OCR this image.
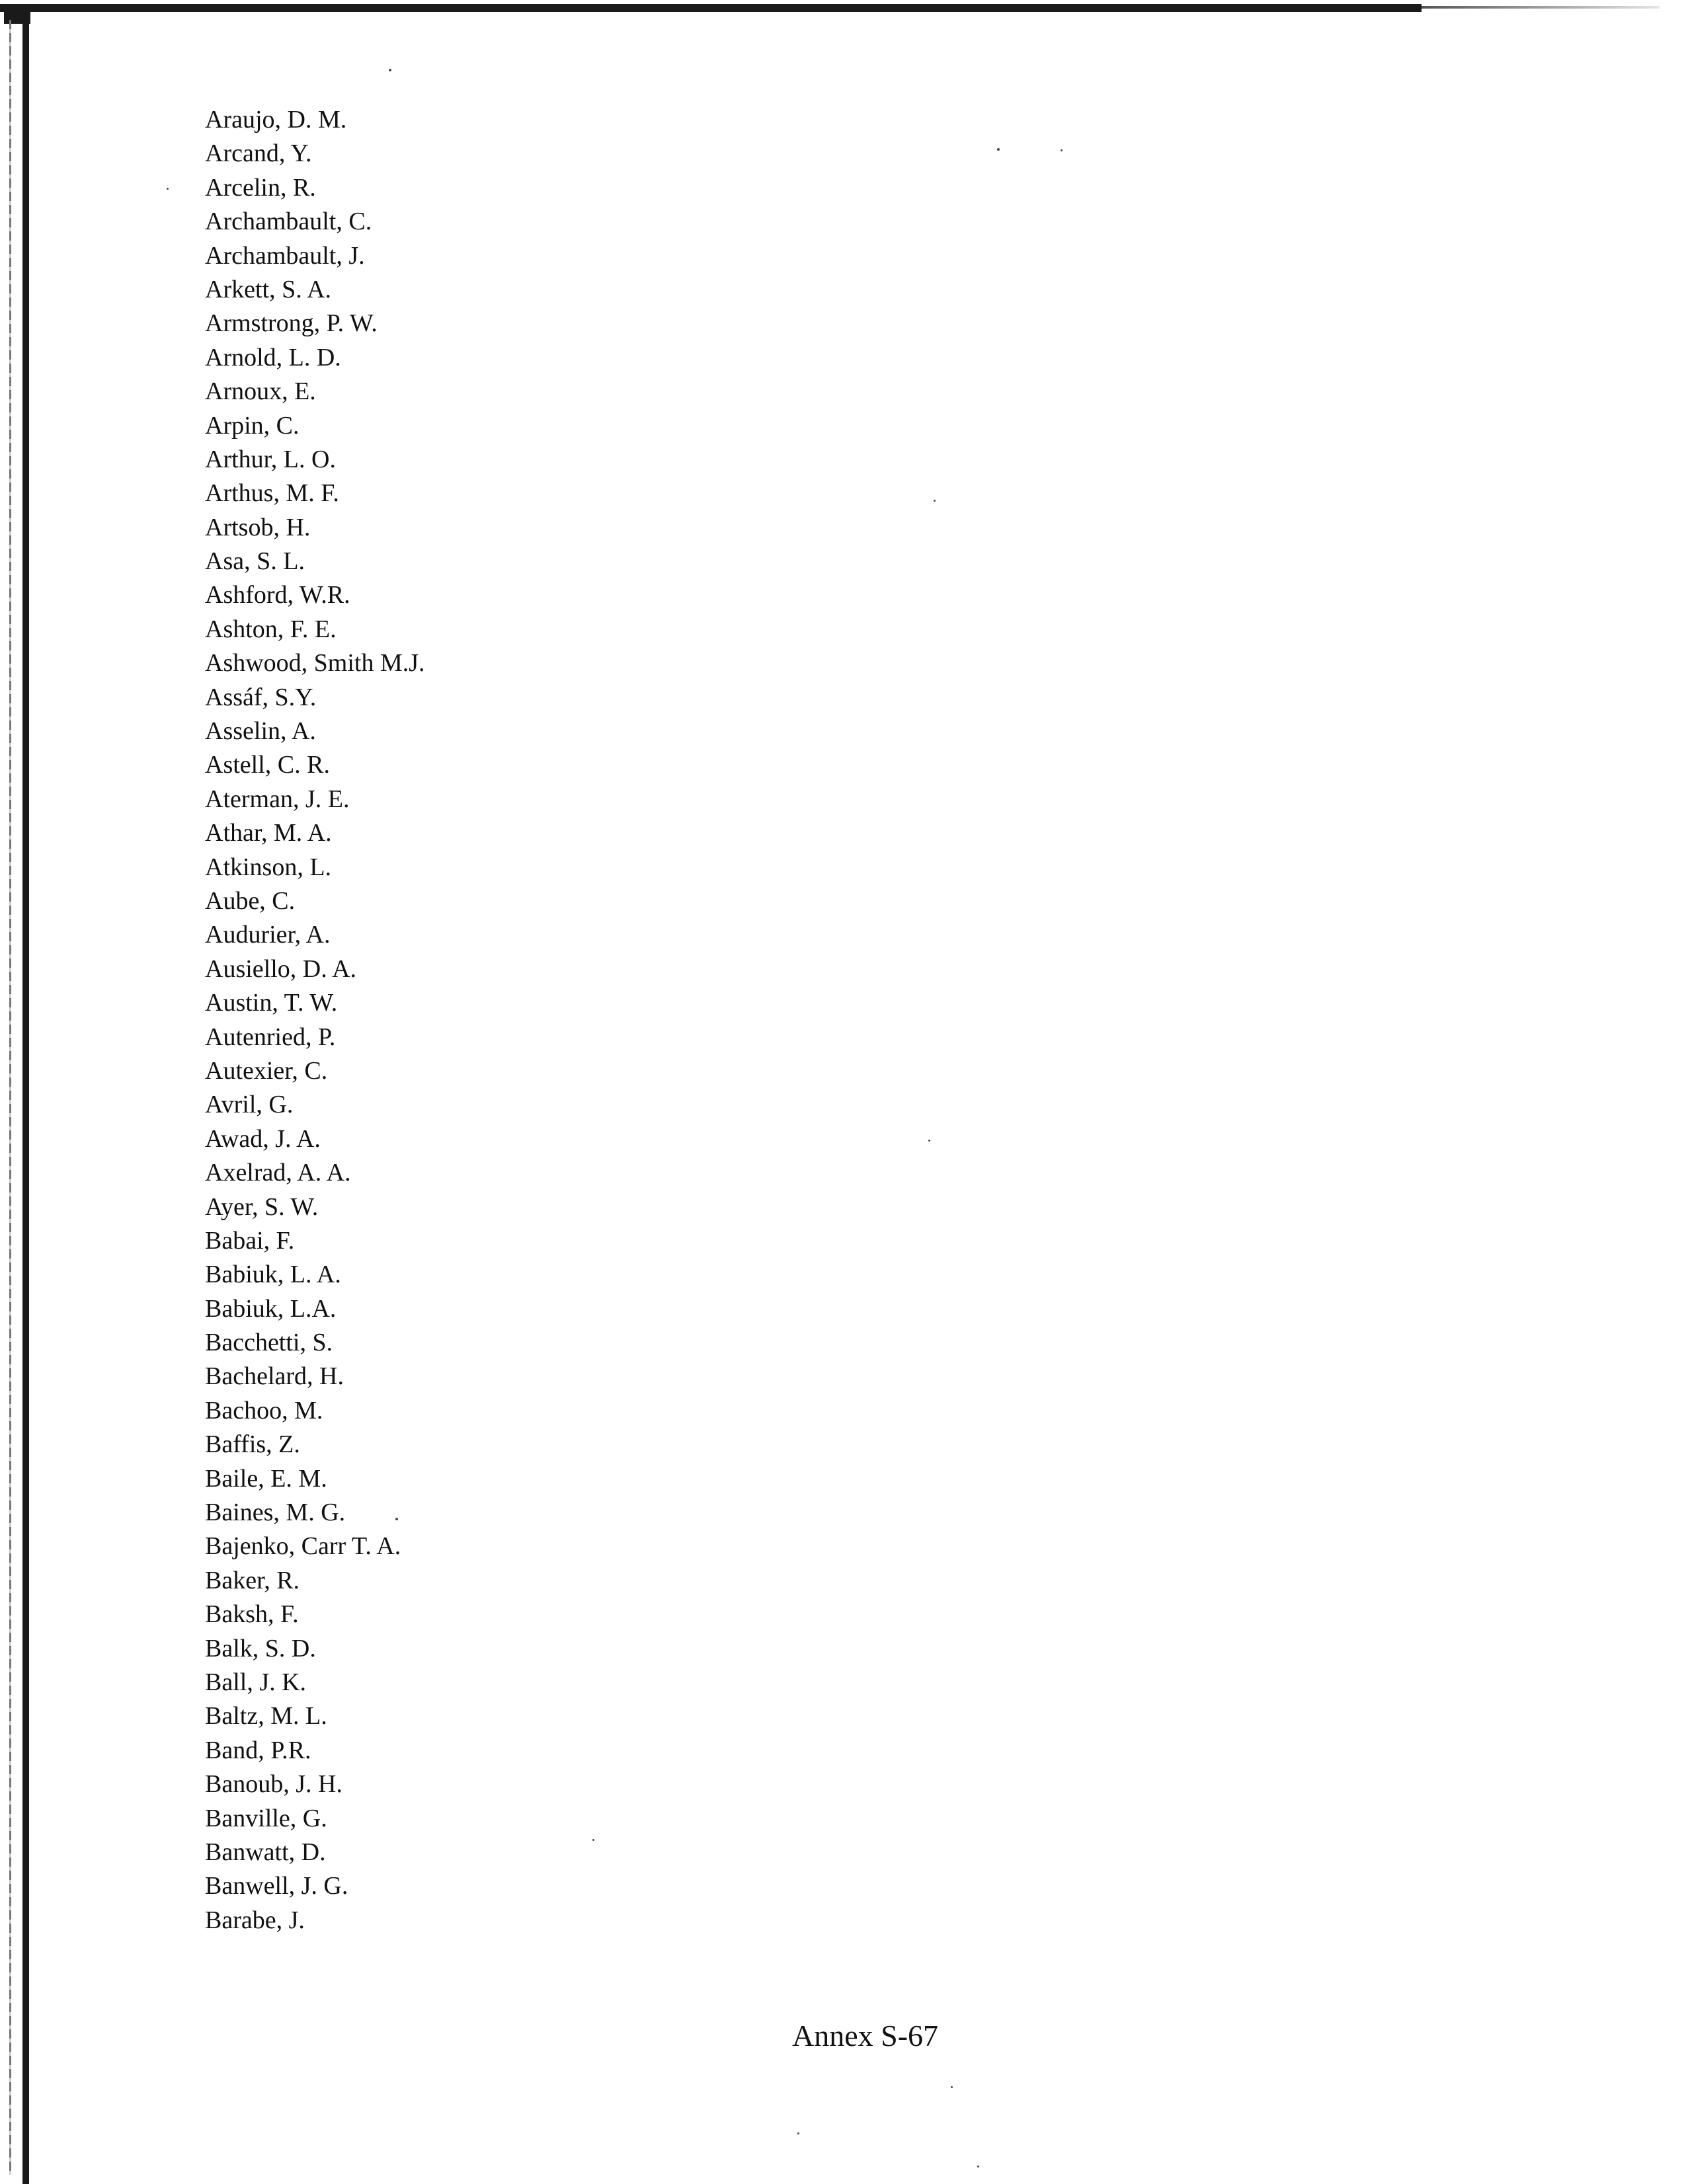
Araujo, D. M.
Arcand, Y.
Arcelin, R.
Archambault, C.
Archambault, J.
Arkett, S. A.
Armstrong, P. W.
Arnold, L. D.
Arnoux, E.
Arpin, C.
Arthur, L. O.
Arthus, M. F.
Artsob, H.
Asa, S. L.
Ashford, W.R.
Ashton, F. E.
Ashwood, Smith M.J.
Assáf, S.Y.
Asselin, A.
Astell, C. R.
Aterman, J. E.
Athar, M. A.
Atkinson, L.
Aube, C.
Audurier, A.
Ausiello, D. A.
Austin, T. W.
Autenried, P.
Autexier, C.
Avril, G.
Awad, J. A.
Axelrad, A. A.
Ayer, S. W.
Babai, F.
Babiuk, L. A.
Babiuk, L.A.
Bacchetti, S.
Bachelard, H.
Bachoo, M.
Baffis, Z.
Baile, E. M.
Baines, M. G.
Bajenko, Carr T. A.
Baker, R.
Baksh, F.
Balk, S. D.
Ball, J. K.
Baltz, M. L.
Band, P.R.
Banoub, J. H.
Banville, G.
Banwatt, D.
Banwell, J. G.
Barabe, J.
Annex S-67
